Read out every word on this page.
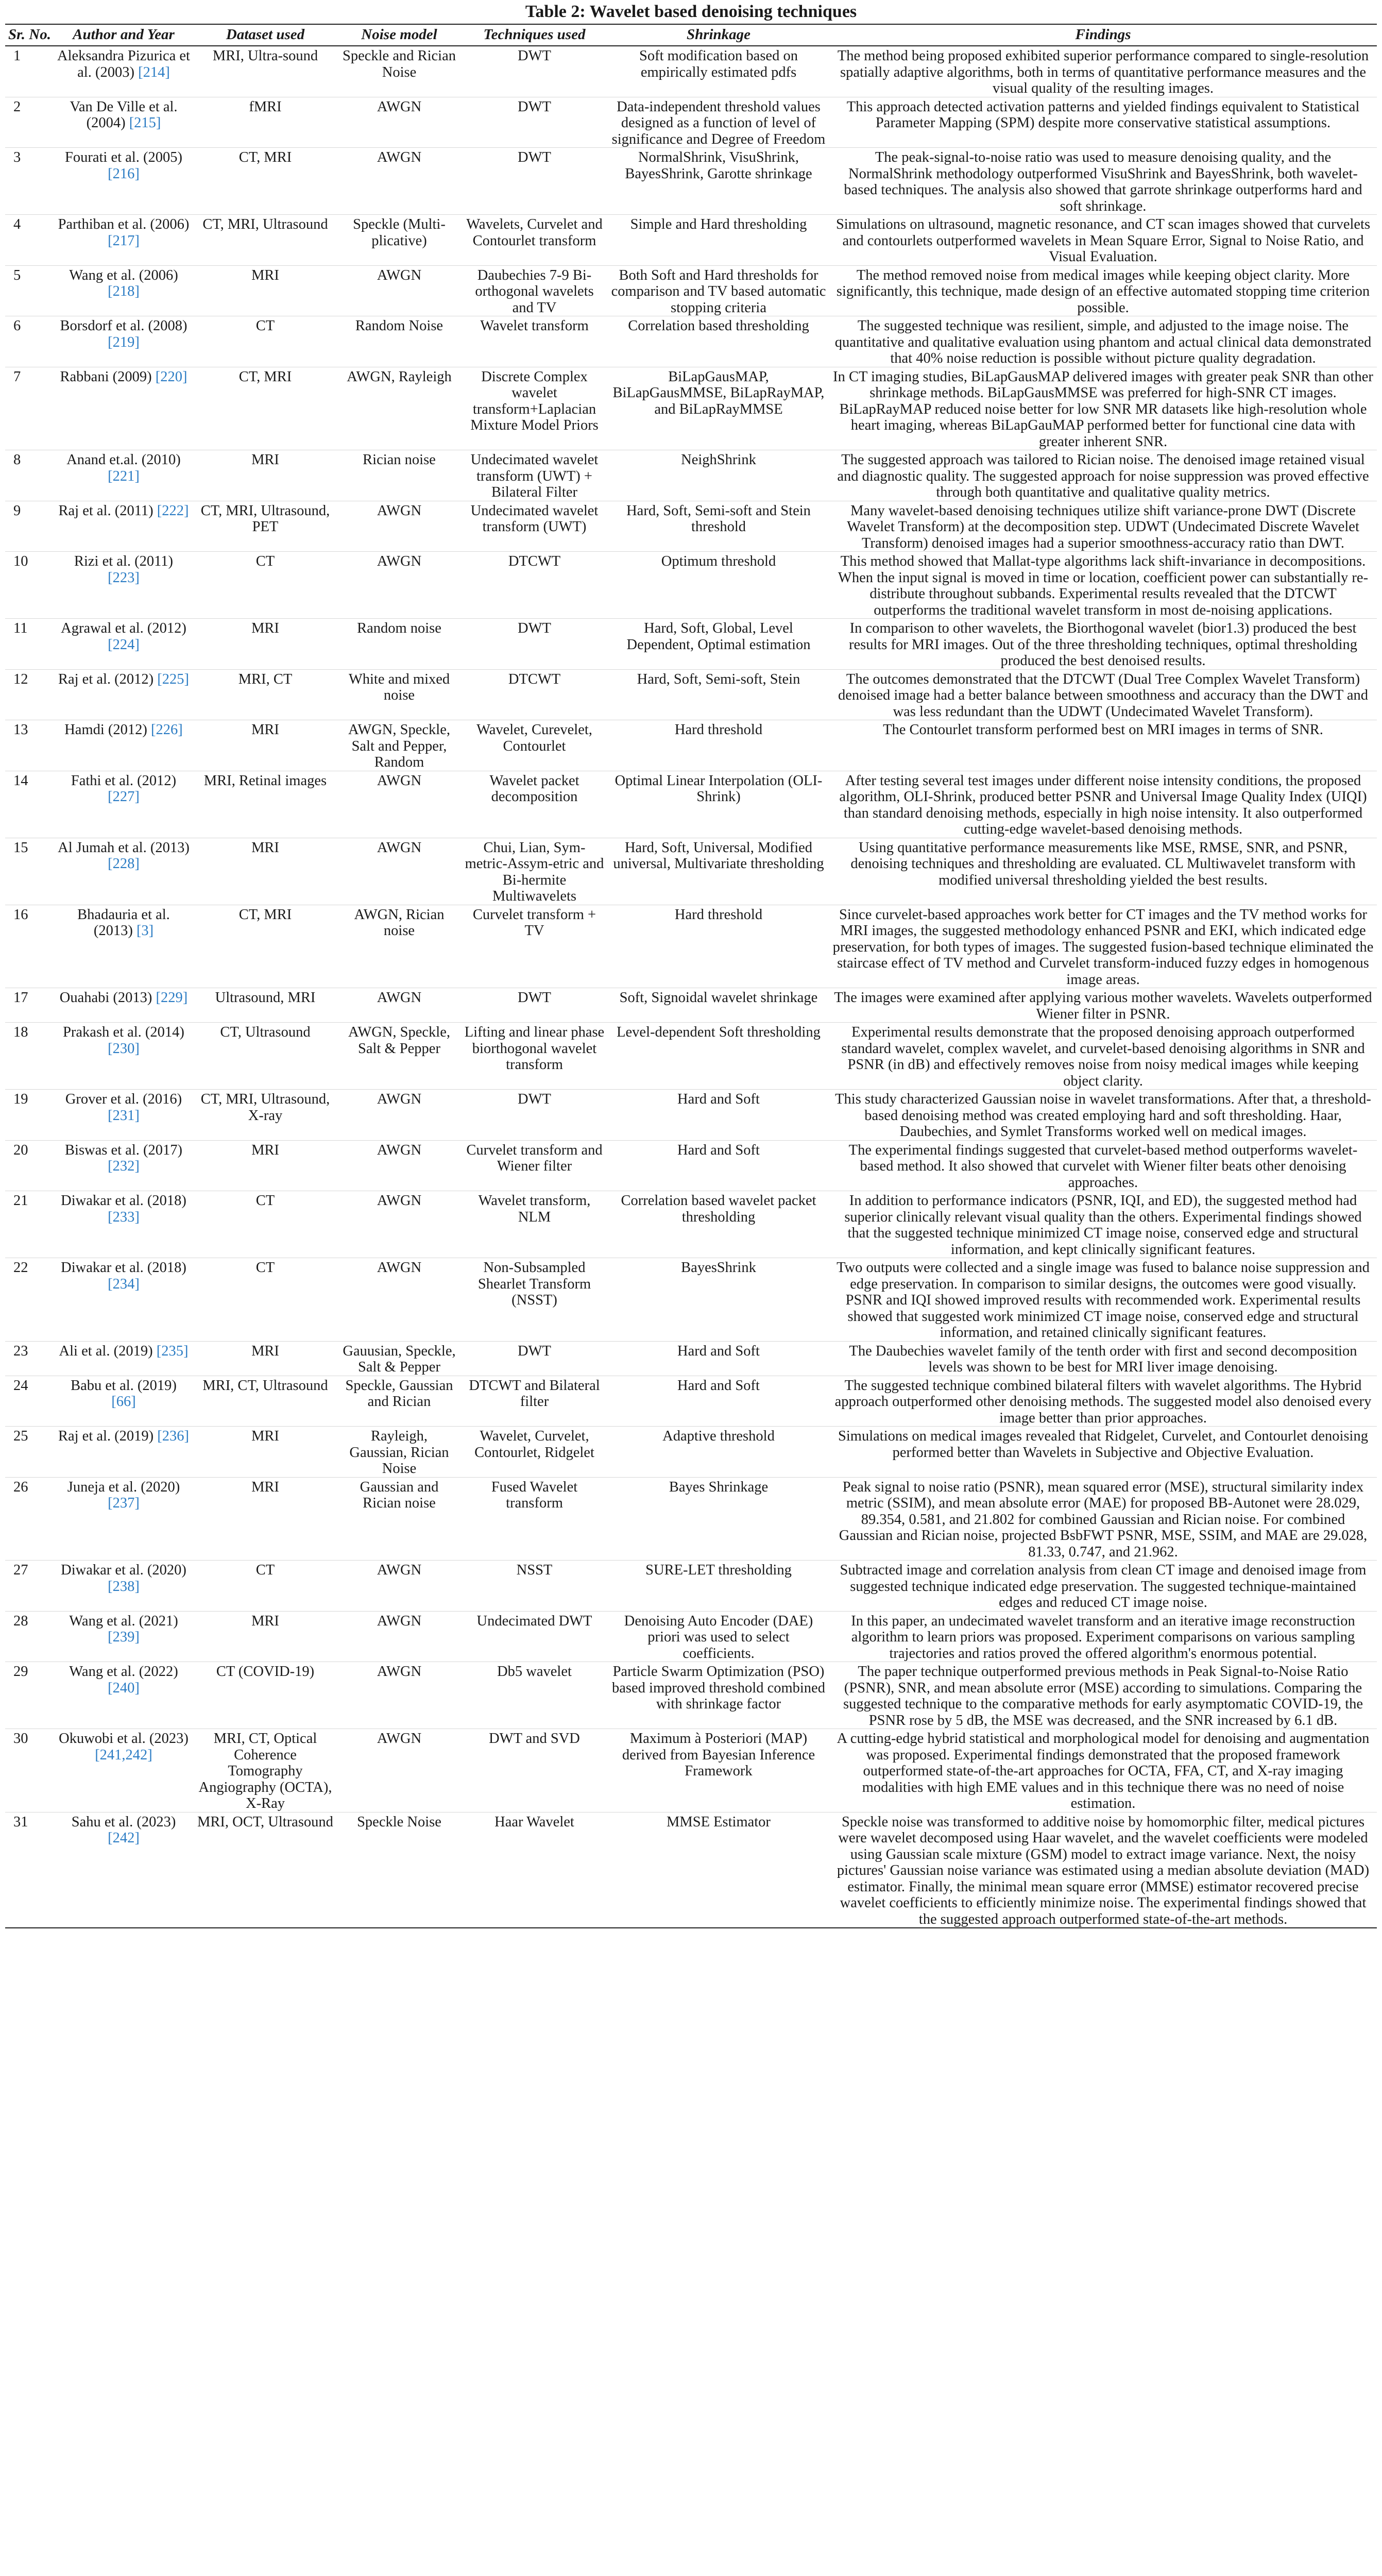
Table 2: Wavelet based denoising techniques
Sr. No.	Author and Year	Dataset used	Noise model	Techniques used	Shrinkage	Findings
1	Aleksandra Pizurica et al. (2003) [214]	MRI, Ultra-sound	Speckle and Rician Noise	DWT	Soft modification based on empirically estimated pdfs	The method being proposed exhibited superior performance compared to single-resolution spatially adaptive algorithms, both in terms of quantitative performance measures and the visual quality of the resulting images.
2	Van De Ville et al. (2004) [215]	fMRI	AWGN	DWT	Data-independent threshold values designed as a function of level of significance and Degree of Freedom	This approach detected activation patterns and yielded findings equivalent to Statistical Parameter Mapping (SPM) despite more conservative statistical assumptions.
3	Fourati et al. (2005) [216]	CT, MRI	AWGN	DWT	NormalShrink, VisuShrink, BayesShrink, Garotte shrinkage	The peak-signal-to-noise ratio was used to measure denoising quality, and the NormalShrink methodology outperformed VisuShrink and BayesShrink, both wavelet-based techniques. The analysis also showed that garrote shrinkage outperforms hard and soft shrinkage.
4	Parthiban et al. (2006) [217]	CT, MRI, Ultrasound	Speckle (Multi-plicative)	Wavelets, Curvelet and Contourlet transform	Simple and Hard thresholding	Simulations on ultrasound, magnetic resonance, and CT scan images showed that curvelets and contourlets outperformed wavelets in Mean Square Error, Signal to Noise Ratio, and Visual Evaluation.
5	Wang et al. (2006) [218]	MRI	AWGN	Daubechies 7-9 Bi-orthogonal wavelets and TV	Both Soft and Hard thresholds for comparison and TV based automatic stopping criteria	The method removed noise from medical images while keeping object clarity. More significantly, this technique, made design of an effective automated stopping time criterion possible.
6	Borsdorf et al. (2008) [219]	CT	Random Noise	Wavelet transform	Correlation based thresholding	The suggested technique was resilient, simple, and adjusted to the image noise. The quantitative and qualitative evaluation using phantom and actual clinical data demonstrated that 40% noise reduction is possible without picture quality degradation.
7	Rabbani (2009) [220]	CT, MRI	AWGN, Rayleigh	Discrete Complex wavelet transform+Laplacian Mixture Model Priors	BiLapGausMAP, BiLapGausMMSE, BiLapRayMAP, and BiLapRayMMSE	In CT imaging studies, BiLapGausMAP delivered images with greater peak SNR than other shrinkage methods. BiLapGausMMSE was preferred for high-SNR CT images. BiLapRayMAP reduced noise better for low SNR MR datasets like high-resolution whole heart imaging, whereas BiLapGauMAP performed better for functional cine data with greater inherent SNR.
8	Anand et.al. (2010) [221]	MRI	Rician noise	Undecimated wavelet transform (UWT) + Bilateral Filter	NeighShrink	The suggested approach was tailored to Rician noise. The denoised image retained visual and diagnostic quality. The suggested approach for noise suppression was proved effective through both quantitative and qualitative quality metrics.
9	Raj et al. (2011) [222]	CT, MRI, Ultrasound, PET	AWGN	Undecimated wavelet transform (UWT)	Hard, Soft, Semi-soft and Stein threshold	Many wavelet-based denoising techniques utilize shift variance-prone DWT (Discrete Wavelet Transform) at the decomposition step. UDWT (Undecimated Discrete Wavelet Transform) denoised images had a superior smoothness-accuracy ratio than DWT.
10	Rizi et al. (2011) [223]	CT	AWGN	DTCWT	Optimum threshold	This method showed that Mallat-type algorithms lack shift-invariance in decompositions. When the input signal is moved in time or location, coefficient power can substantially re-distribute throughout subbands. Experimental results revealed that the DTCWT outperforms the traditional wavelet transform in most de-noising applications.
11	Agrawal et al. (2012) [224]	MRI	Random noise	DWT	Hard, Soft, Global, Level Dependent, Optimal estimation	In comparison to other wavelets, the Biorthogonal wavelet (bior1.3) produced the best results for MRI images. Out of the three thresholding techniques, optimal thresholding produced the best denoised results.
12	Raj et al. (2012) [225]	MRI, CT	White and mixed noise	DTCWT	Hard, Soft, Semi-soft, Stein	The outcomes demonstrated that the DTCWT (Dual Tree Complex Wavelet Transform) denoised image had a better balance between smoothness and accuracy than the DWT and was less redundant than the UDWT (Undecimated Wavelet Transform).
13	Hamdi (2012) [226]	MRI	AWGN, Speckle, Salt and Pepper, Random	Wavelet, Curevelet, Contourlet	Hard threshold	The Contourlet transform performed best on MRI images in terms of SNR.
14	Fathi et al. (2012) [227]	MRI, Retinal images	AWGN	Wavelet packet decomposition	Optimal Linear Interpolation (OLI-Shrink)	After testing several test images under different noise intensity conditions, the proposed algorithm, OLI-Shrink, produced better PSNR and Universal Image Quality Index (UIQI) than standard denoising methods, especially in high noise intensity. It also outperformed cutting-edge wavelet-based denoising methods.
15	Al Jumah et al. (2013) [228]	MRI	AWGN	Chui, Lian, Sym-metric-Assym-etric and Bi-hermite Multiwavelets	Hard, Soft, Universal, Modified universal, Multivariate thresholding	Using quantitative performance measurements like MSE, RMSE, SNR, and PSNR, denoising techniques and thresholding are evaluated. CL Multiwavelet transform with modified universal thresholding yielded the best results.
16	Bhadauria et al. (2013) [3]	CT, MRI	AWGN, Rician noise	Curvelet transform + TV	Hard threshold	Since curvelet-based approaches work better for CT images and the TV method works for MRI images, the suggested methodology enhanced PSNR and EKI, which indicated edge preservation, for both types of images. The suggested fusion-based technique eliminated the staircase effect of TV method and Curvelet transform-induced fuzzy edges in homogenous image areas.
17	Ouahabi (2013) [229]	Ultrasound, MRI	AWGN	DWT	Soft, Signoidal wavelet shrinkage	The images were examined after applying various mother wavelets. Wavelets outperformed Wiener filter in PSNR.
18	Prakash et al. (2014) [230]	CT, Ultrasound	AWGN, Speckle, Salt & Pepper	Lifting and linear phase biorthogonal wavelet transform	Level-dependent Soft thresholding	Experimental results demonstrate that the proposed denoising approach outperformed standard wavelet, complex wavelet, and curvelet-based denoising algorithms in SNR and PSNR (in dB) and effectively removes noise from noisy medical images while keeping object clarity.
19	Grover et al. (2016) [231]	CT, MRI, Ultrasound, X-ray	AWGN	DWT	Hard and Soft	This study characterized Gaussian noise in wavelet transformations. After that, a threshold-based denoising method was created employing hard and soft thresholding. Haar, Daubechies, and Symlet Transforms worked well on medical images.
20	Biswas et al. (2017) [232]	MRI	AWGN	Curvelet transform and Wiener filter	Hard and Soft	The experimental findings suggested that curvelet-based method outperforms wavelet-based method. It also showed that curvelet with Wiener filter beats other denoising approaches.
21	Diwakar et al. (2018) [233]	CT	AWGN	Wavelet transform, NLM	Correlation based wavelet packet thresholding	In addition to performance indicators (PSNR, IQI, and ED), the suggested method had superior clinically relevant visual quality than the others. Experimental findings showed that the suggested technique minimized CT image noise, conserved edge and structural information, and kept clinically significant features.
22	Diwakar et al. (2018) [234]	CT	AWGN	Non-Subsampled Shearlet Transform (NSST)	BayesShrink	Two outputs were collected and a single image was fused to balance noise suppression and edge preservation. In comparison to similar designs, the outcomes were good visually. PSNR and IQI showed improved results with recommended work. Experimental results showed that suggested work minimized CT image noise, conserved edge and structural information, and retained clinically significant features.
23	Ali et al. (2019) [235]	MRI	Gauusian, Speckle, Salt & Pepper	DWT	Hard and Soft	The Daubechies wavelet family of the tenth order with first and second decomposition levels was shown to be best for MRI liver image denoising.
24	Babu et al. (2019) [66]	MRI, CT, Ultrasound	Speckle, Gaussian and Rician	DTCWT and Bilateral filter	Hard and Soft	The suggested technique combined bilateral filters with wavelet algorithms. The Hybrid approach outperformed other denoising methods. The suggested model also denoised every image better than prior approaches.
25	Raj et al. (2019) [236]	MRI	Rayleigh, Gaussian, Rician Noise	Wavelet, Curvelet, Contourlet, Ridgelet	Adaptive threshold	Simulations on medical images revealed that Ridgelet, Curvelet, and Contourlet denoising performed better than Wavelets in Subjective and Objective Evaluation.
26	Juneja et al. (2020) [237]	MRI	Gaussian and Rician noise	Fused Wavelet transform	Bayes Shrinkage	Peak signal to noise ratio (PSNR), mean squared error (MSE), structural similarity index metric (SSIM), and mean absolute error (MAE) for proposed BB-Autonet were 28.029, 89.354, 0.581, and 21.802 for combined Gaussian and Rician noise. For combined Gaussian and Rician noise, projected BsbFWT PSNR, MSE, SSIM, and MAE are 29.028, 81.33, 0.747, and 21.962.
27	Diwakar et al. (2020) [238]	CT	AWGN	NSST	SURE-LET thresholding	Subtracted image and correlation analysis from clean CT image and denoised image from suggested technique indicated edge preservation. The suggested technique-maintained edges and reduced CT image noise.
28	Wang et al. (2021) [239]	MRI	AWGN	Undecimated DWT	Denoising Auto Encoder (DAE) priori was used to select coefficients.	In this paper, an undecimated wavelet transform and an iterative image reconstruction algorithm to learn priors was proposed. Experiment comparisons on various sampling trajectories and ratios proved the offered algorithm's enormous potential.
29	Wang et al. (2022) [240]	CT (COVID-19)	AWGN	Db5 wavelet	Particle Swarm Optimization (PSO) based improved threshold combined with shrinkage factor	The paper technique outperformed previous methods in Peak Signal-to-Noise Ratio (PSNR), SNR, and mean absolute error (MSE) according to simulations. Comparing the suggested technique to the comparative methods for early asymptomatic COVID-19, the PSNR rose by 5 dB, the MSE was decreased, and the SNR increased by 6.1 dB.
30	Okuwobi et al. (2023) [241,242]	MRI, CT, Optical Coherence Tomography Angiography (OCTA), X-Ray	AWGN	DWT and SVD	Maximum à Posteriori (MAP) derived from Bayesian Inference Framework	A cutting-edge hybrid statistical and morphological model for denoising and augmentation was proposed. Experimental findings demonstrated that the proposed framework outperformed state-of-the-art approaches for OCTA, FFA, CT, and X-ray imaging modalities with high EME values and in this technique there was no need of noise estimation.
31	Sahu et al. (2023) [242]	MRI, OCT, Ultrasound	Speckle Noise	Haar Wavelet	MMSE Estimator	Speckle noise was transformed to additive noise by homomorphic filter, medical pictures were wavelet decomposed using Haar wavelet, and the wavelet coefficients were modeled using Gaussian scale mixture (GSM) model to extract image variance. Next, the noisy pictures' Gaussian noise variance was estimated using a median absolute deviation (MAD) estimator. Finally, the minimal mean square error (MMSE) estimator recovered precise wavelet coefficients to efficiently minimize noise. The experimental findings showed that the suggested approach outperformed state-of-the-art methods.
